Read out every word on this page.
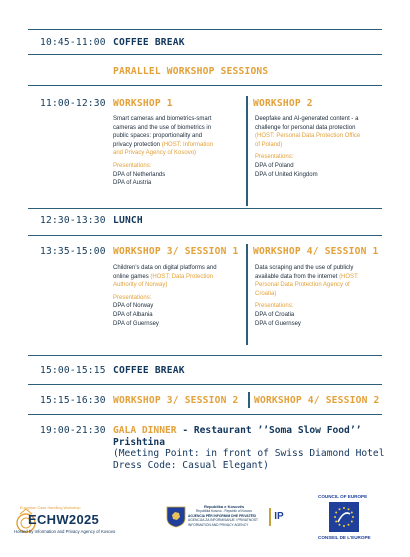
10:45-11:00 COFFEE BREAK
PARALLEL WORKSHOP SESSIONS
11:00-12:30 WORKSHOP 1	WORKSHOP 2
Smart cameras and biometrics-smart
cameras and the use of biometrics in
public spaces: proportionality and
privacy protection (HOST: Information
and Privacy Agency of Kosovo)
Presentations:
DPA of Netherlands
DPA of Austria
Deepfake and AI-generated content - a
challenge for personal data protection
(HOST: Personal Data Protection Office
of Poland)
Presentations:
DPA of Poland
DPA of United Kingdom
12:30-13:30 LUNCH
13:35-15:00 WORKSHOP 3/ SESSION 1 WORKSHOP 4/ SESSION 1
Children's data on digital platforms and
online games (HOST: Data Protection
Authority of Norway)
Presentations:
DPA of Norway
DPA of Albania
DPA of Guernsey
Data scraping and the use of publicly
available data from the internet (HOST:
Personal Data Protection Agency of
Croatia)
Presentations:
DPA of Croatia
DPA of Guernsey
15:00-15:15 COFFEE BREAK
15:15-16:30 WORKSHOP 3/ SESSION 2 WORKSHOP 4/ SESSION 2
19:00-21:30 GALA DINNER - Restaurant ’’Soma Slow Food’’
Prishtina
(Meeting Point: in front of Swiss Diamond Hotel
Dress Code: Casual Elegant)
European Case Handling Workshop
ECHW2025
Hosted by Information and Privacy Agency of Kosovo
Republika e Kosovës
Republika Kosovo - Republic of Kosovo
AGJENCIA PËR INFORMIM DHE PRIVATËSI
AGENCIJA ZA INFORMISANJE I PRIVATNOST
INFORMATION AND PRIVACY AGENCY
IP
COUNCIL OF EUROPE
CONSEIL DE L'EUROPE
